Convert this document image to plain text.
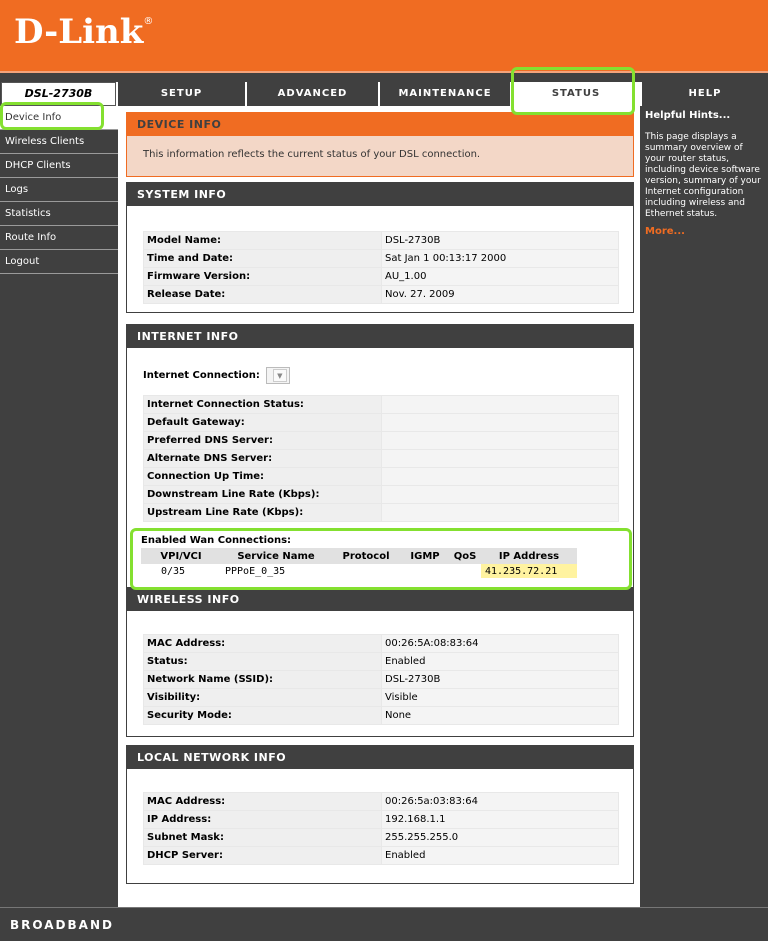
D-Link®
DSL-2730B	SETUP	ADVANCED	MAINTENANCE	STATUS	HELP
Device Info
Wireless Clients
DHCP Clients
Logs
Statistics
Route Info
Logout
DEVICE INFO
This information reflects the current status of your DSL connection.
SYSTEM INFO
Model Name:	DSL-2730B
Time and Date:	Sat Jan 1 00:13:17 2000
Firmware Version:	AU_1.00
Release Date:	Nov. 27. 2009
INTERNET INFO
Internet Connection:	▼
Internet Connection Status:	
Default Gateway:	
Preferred DNS Server:	
Alternate DNS Server:	
Connection Up Time:	
Downstream Line Rate (Kbps):	
Upstream Line Rate (Kbps):	
Enabled Wan Connections:
VPI/VCI	Service Name	Protocol	IGMP	QoS	IP Address
0/35	PPPoE_0_35				41.235.72.21
WIRELESS INFO
MAC Address:	00:26:5A:08:83:64
Status:	Enabled
Network Name (SSID):	DSL-2730B
Visibility:	Visible
Security Mode:	None
LOCAL NETWORK INFO
MAC Address:	00:26:5a:03:83:64
IP Address:	192.168.1.1
Subnet Mask:	255.255.255.0
DHCP Server:	Enabled
Helpful Hints...
This page displays a summary overview of your router status, including device software version, summary of your Internet configuration including wireless and Ethernet status.
More...
BROADBAND
